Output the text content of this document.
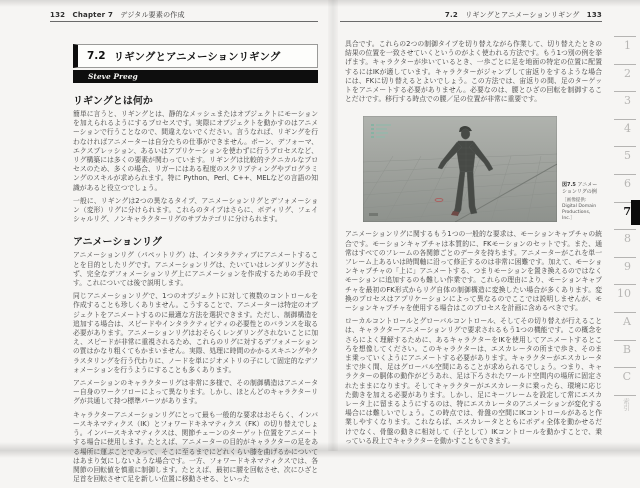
132 Chapter 7 デジタル要素の作成	7.2 リギングとアニメーションリギング 133
7.2 リギングとアニメーションリギング
Steve Preeg
リギングとは何か

簡単に言うと、リギングとは、静的なメッシュまたはオブジェクトにモーションを加えられるようにするプロセスです。実際にオブジェクトを動かすのはアニメーションで行うことなので、間違えないでください。言うなれば、リギングを行わなければアニメーターは自分たちの仕事ができません。ボーン、デフォーマ、エクスプレッション、あるいはアプリケーションを使わずに行うプロセスなど、リグ構築には多くの要素が関わっています。リギングは比較的テクニカルなプロセスのため、多くの場合、リガーにはある程度のスクリプティングやプログラミングのスキルが求められます。特に Python、Perl、C++、MELなどの言語の知識があると役立つでしょう。

一般に、リギングは2つの異なるタイプ、アニメーションリグとデフォメーション（変形）リグに分けられます。これらのタイプはさらに、ボディリグ、フェイシャルリグ、ノンキャラクターリグのサブカテゴリに分けられます。

アニメーションリグ

アニメーションリグ（パペットリグ）は、インタラクティブにアニメートすることを目的としたリグです。アニメーションリグは、たいていはレンダリングされず、完全なデフォメーションリグ上にアニメーションを作成するための手段です。これについては後で説明します。

同じアニメーションリグで、1つのオブジェクトに対して複数のコントロールを作成することも珍しくありません。こうすることで、アニメーターは特定のオブジェクトをアニメートするのに最適な方法を選択できます。ただし、制御構造を追加する場合は、スピードやインタラクティビティの必要性とのバランスを取る必要があります。アニメーションリグはおそらくレンダリングされないことに加え、スピードが非常に重視されるため、これらのリグに対するデフォメーションの質はかなり粗くてもかまいません。実際、処理に時間のかかるスキニングやクラスタリングを行う代わりに、ノードを単にジオメトリの子にして固定的なデフォメーションを行うようにすることも多くあります。

アニメーションのキャラクターリグは非常に多様で、その制御構造はアニメーター自身のワークフローによって異なります。しかし、ほとんどのキャラクターリグが共通して持つ標準パーツがあります。

キャラクターアニメーションリグにとって最も一般的な要求はおそらく、インバースキネマティクス（IK）とフォワードキネマティクス（FK）の切り替えでしょう。インバースキネマティクスは、関節チェーンのターゲット位置をアニメートする場合に使用します。たとえば、アニメーターの目的がキャラクターの足をある場所に運ぶことであって、そこに至るまでにどれくらい膝を曲げるかについてはあまり気にしないような場合です。一方、フォワードキネマティクスでは、各関節の回転値を慎重に制御します。たとえば、最初に腰を回転させ、次にひざと足首を回転させて足を新しい位置に移動させる、といった

具合です。これらの2つの制御タイプを切り替えながら作業して、切り替えたときの結果の位置を一致させていくというのがよく使われる方法です。もう1つ別の例を挙げます。キャラクターが歩いているとき、一歩ごとに足を地面の特定の位置に配置するにはIKが適しています。キャラクターがジャンプして宙返りをするような場合には、FKに切り替えるとよいでしょう。この方法では、宙返りの間、足のターゲットをアニメートする必要がありません。必要なのは、腰とひざの回転を制御することだけです。移行する時点での腰／足の位置が非常に重要です。

図7.5 アニメーションリグの例
［画像提供: Digital Domain Productions, Inc.］

アニメーションリグに関するもう1つの一般的な要求は、モーションキャプチャの統合です。モーションキャプチャは本質的に、FKモーションのセットです。また、通常はすべてのフレームの各関節ごとのデータを持ちます。アニメーターがこれを単一フレーム上あるいは時間軸に沿って修正するのは非常に困難です。加えて、モーションキャプチャの「上に」アニメートする、つまりモーションを置き換えるのではなくモーションに追加するのも難しい作業です。これらの理由により、モーションキャプチャを最初のFK形式からリグ自体の制御構造に変換したい場合が多くあります。変換のプロセスはアプリケーションによって異なるのでここでは説明しませんが、モーションキャプチャを使用する場合はこのプロセスを計画に含めるべきです。

ローカルコントロールとグローバルコントロール、そしてその切り替えが行えることは、キャラクターアニメーションリグで要求されるもう1つの機能です。この概念をさらによく理解するために、あるキャラクターをIKを使用してアニメートするところを想像してください。このキャラクターは、エスカレータの所まで歩き、そのまま乗っていくようにアニメートする必要があります。キャラクターがエスカレータまで歩く間、足はグローバル空間にあることが求められるでしょう。つまり、キャラクターの胴体の動作がどうあれ、足は下ろされたワールド空間内の場所に固定されたままになります。そしてキャラクターがエスカレータに乗ったら、環境に応じた動きを加える必要があります。しかし、足にキーフレームを設定して常にエスカレータ上に留まるようにするのは、特にエスカレータのアニメーションが変化する場合には難しいでしょう。この時点では、骨盤の空間にIKコントロールがあると作業しやすくなります。これならば、エスカレータとともにボディ全体を動かせるだけでなく、骨盤の動きに相対して（子として）IKコントロールを動かすことで、乗っている段上でキャラクターを動かすこともできます。

1
2
3
4
5
6
7
8
9
10
A
B
C
索引
